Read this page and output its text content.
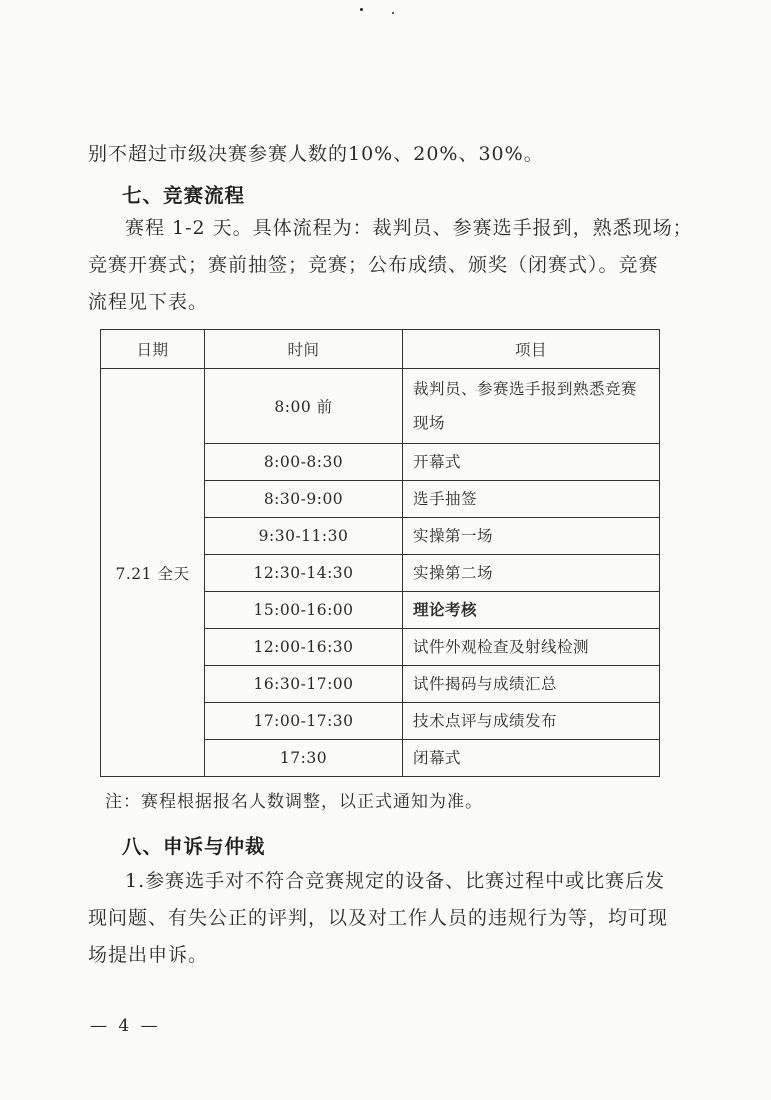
别不超过市级决赛参赛人数的10%、20%、30%。
七、竞赛流程
赛程 1-2 天。具体流程为：裁判员、参赛选手报到，熟悉现场；
竞赛开赛式；赛前抽签；竞赛；公布成绩、颁奖（闭赛式）。竞赛
流程见下表。
日期	时间	项目
7.21 全天	8:00 前	裁判员、参赛选手报到熟悉竞赛
现场

	8:00-8:30	开幕式
	8:30-9:00	选手抽签
	9:30-11:30	实操第一场
	12:30-14:30	实操第二场
	15:00-16:00	理论考核
	12:00-16:30	试件外观检查及射线检测
	16:30-17:00	试件揭码与成绩汇总
	17:00-17:30	技术点评与成绩发布
	17:30	闭幕式
注：赛程根据报名人数调整，以正式通知为准。
八、申诉与仲裁
1.参赛选手对不符合竞赛规定的设备、比赛过程中或比赛后发
现问题、有失公正的评判，以及对工作人员的违规行为等，均可现
场提出申诉。
— 4 —
